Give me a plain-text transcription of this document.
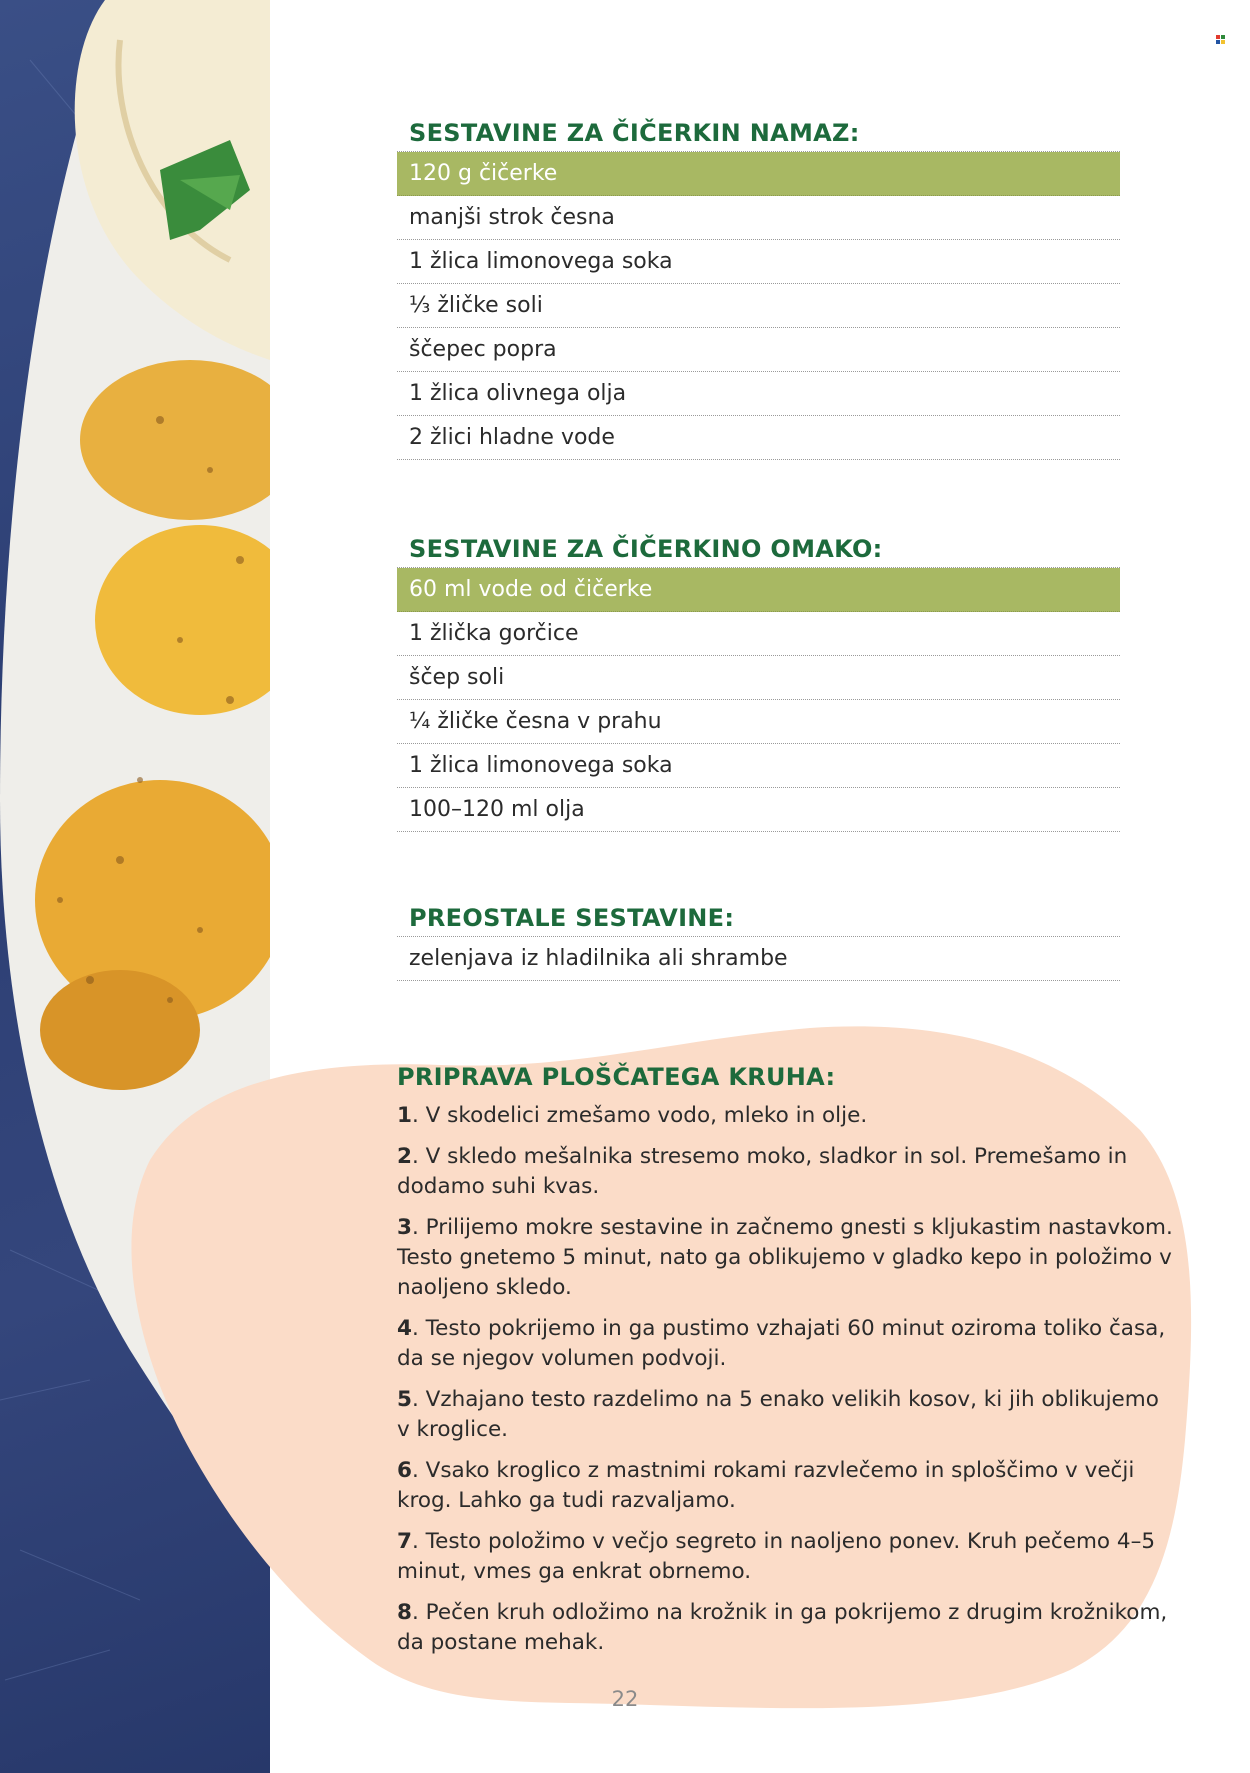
SESTAVINE ZA ČIČERKIN NAMAZ:
120 g čičerke
manjši strok česna
1 žlica limonovega soka
⅓ žličke soli
ščepec popra
1 žlica olivnega olja
2 žlici hladne vode
SESTAVINE ZA ČIČERKINO OMAKO:
60 ml vode od čičerke
1 žlička gorčice
ščep soli
¼ žličke česna v prahu
1 žlica limonovega soka
100–120 ml olja
PREOSTALE SESTAVINE:
zelenjava iz hladilnika ali shrambe
PRIPRAVA PLOŠČATEGA KRUHA:
1. V skodelici zmešamo vodo, mleko in olje.
2. V skledo mešalnika stresemo moko, sladkor in sol. Premešamo in dodamo suhi kvas.
3. Prilijemo mokre sestavine in začnemo gnesti s kljukastim nastavkom. Testo gnetemo 5 minut, nato ga oblikujemo v gladko kepo in položimo v naoljeno skledo.
4. Testo pokrijemo in ga pustimo vzhajati 60 minut oziroma toliko časa, da se njegov volumen podvoji.
5. Vzhajano testo razdelimo na 5 enako velikih kosov, ki jih oblikujemo v kroglice.
6. Vsako kroglico z mastnimi rokami razvlečemo in sploščimo v večji krog. Lahko ga tudi razvaljamo.
7. Testo položimo v večjo segreto in naoljeno ponev. Kruh pečemo 4–5 minut, vmes ga enkrat obrnemo.
8. Pečen kruh odložimo na krožnik in ga pokrijemo z drugim krožnikom, da postane mehak.
22
